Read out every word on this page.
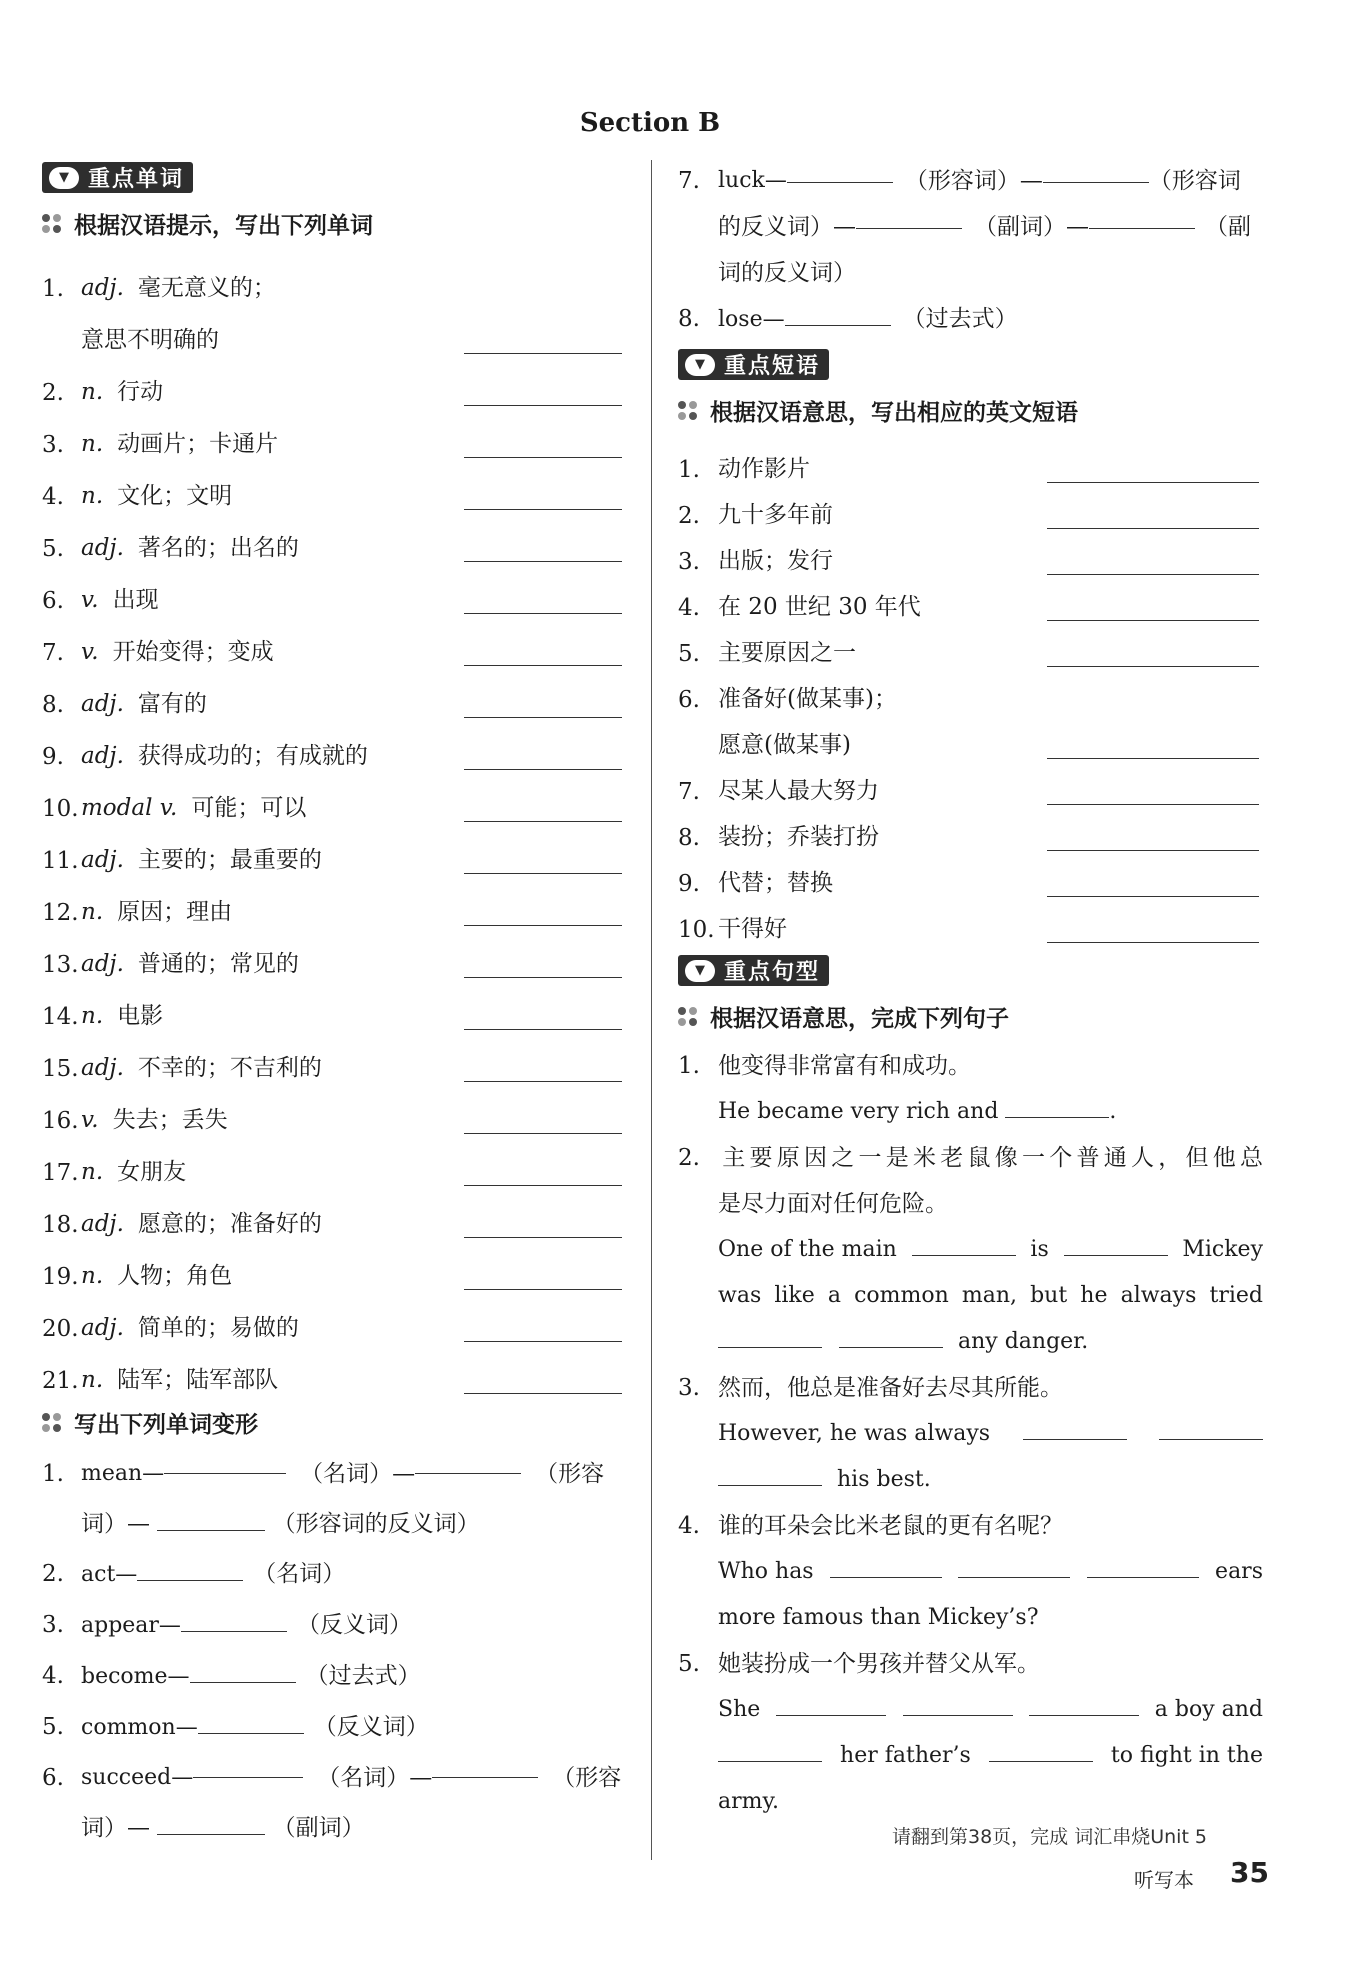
Section B
▼ 重点单词
根据汉语提示，写出下列单词
1. adj. 毫无意义的；
意思不明确的
2. n. 行动
3. n. 动画片；卡通片
4. n. 文化；文明
5. adj. 著名的；出名的
6. v. 出现
7. v. 开始变得；变成
8. adj. 富有的
9. adj. 获得成功的；有成就的
10. modal v. 可能；可以
11. adj. 主要的；最重要的
12. n. 原因；理由
13. adj. 普通的；常见的
14. n. 电影
15. adj. 不幸的；不吉利的
16. v. 失去；丢失
17. n. 女朋友
18. adj. 愿意的；准备好的
19. n. 人物；角色
20. adj. 简单的；易做的
21. n. 陆军；陆军部队
写出下列单词变形
1. mean—	（名词）—	（形容
词）—	（形容词的反义词）
2. act—	（名词）
3. appear—	（反义词）
4. become—	（过去式）
5. common—	（反义词）
6. succeed—	（名词）—	（形容
词）—	（副词）
7. luck—	（形容词）—	（形容词
的反义词）—	（副词）—	（副
词的反义词）
8. lose—	（过去式）
▼ 重点短语
根据汉语意思，写出相应的英文短语
1. 动作影片
2. 九十多年前
3. 出版；发行
4. 在 20 世纪 30 年代
5. 主要原因之一
6. 准备好(做某事)；
愿意(做某事)
7. 尽某人最大努力
8. 装扮；乔装打扮
9. 代替；替换
10. 干得好
▼ 重点句型
根据汉语意思，完成下列句子
1. 他变得非常富有和成功。
He became very rich and	.
2. 主要原因之一是米老鼠像一个普通人，但他总
是尽力面对任何危险。
One of the main	is	Mickey
was like a common man, but he always tried
any danger.
3. 然而，他总是准备好去尽其所能。
However, he was always
his best.
4. 谁的耳朵会比米老鼠的更有名呢？
Who has	ears
more famous than Mickey’s?
5. 她装扮成一个男孩并替父从军。
She	a boy and
her father’s	to fight in the
army.
请翻到第38页，完成 词汇串烧Unit 5
听写本 35
